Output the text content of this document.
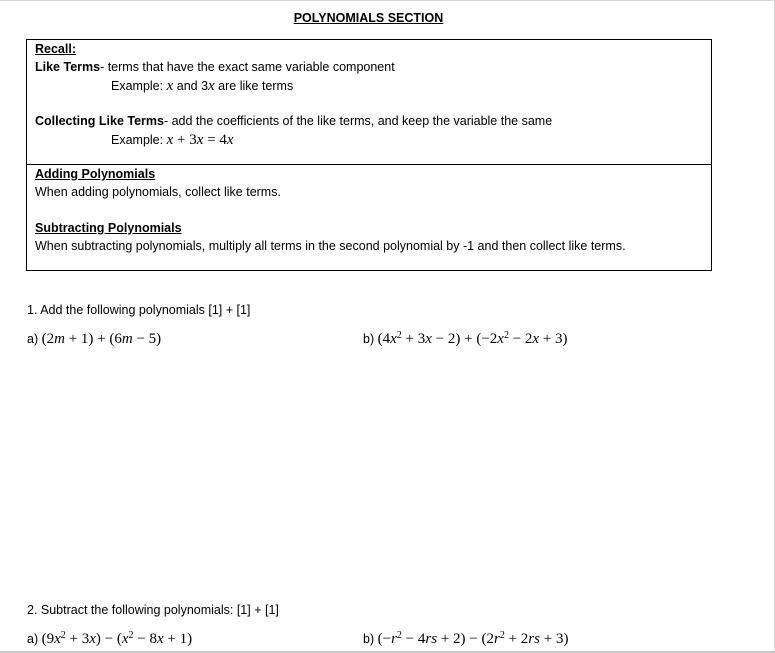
POLYNOMIALS SECTION
Recall:
Like Terms- terms that have the exact same variable component
Example: x and 3x are like terms
Collecting Like Terms- add the coefficients of the like terms, and keep the variable the same
Example: x + 3x = 4x
Adding Polynomials
When adding polynomials, collect like terms.
Subtracting Polynomials
When subtracting polynomials, multiply all terms in the second polynomial by -1 and then collect like terms.
1. Add the following polynomials [1] + [1]
a) (2m + 1) + (6m − 5)	b) $(4x^2 + 3x - 2) + (-2x^2 - 2x + 3)$
2. Subtract the following polynomials: [1] + [1]
a) $(9x^2 + 3x) - (x^2 - 8x + 1)$	b) $(-r^2 - 4rs + 2) - (2r^2 + 2rs + 3)$
